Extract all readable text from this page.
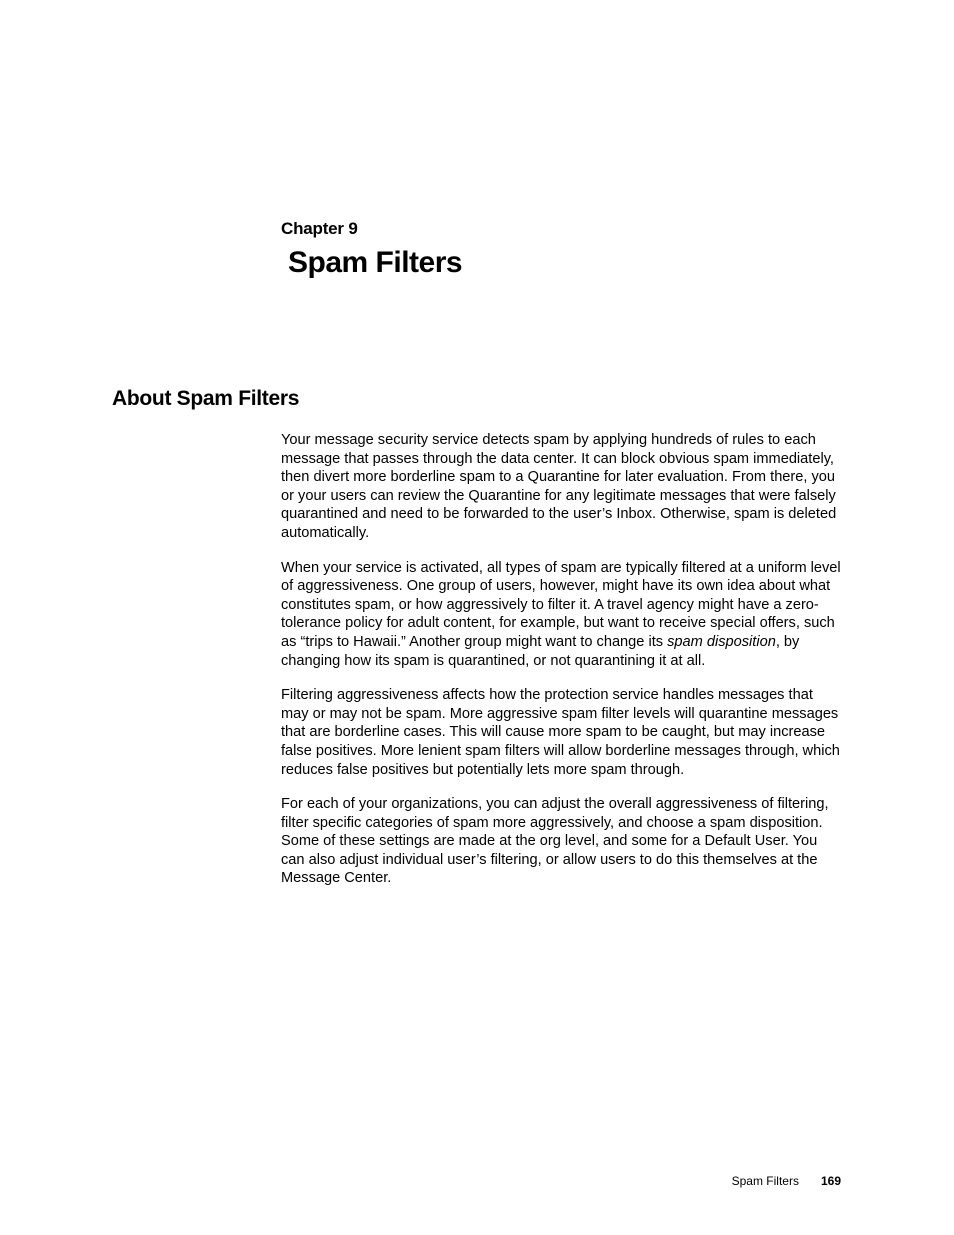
Chapter 9
Spam Filters
About Spam Filters

Your message security service detects spam by applying hundreds of rules to each message that passes through the data center. It can block obvious spam immediately, then divert more borderline spam to a Quarantine for later evaluation. From there, you or your users can review the Quarantine for any legitimate messages that were falsely quarantined and need to be forwarded to the user’s Inbox. Otherwise, spam is deleted automatically.

When your service is activated, all types of spam are typically filtered at a uniform level of aggressiveness. One group of users, however, might have its own idea about what constitutes spam, or how aggressively to filter it. A travel agency might have a zero-tolerance policy for adult content, for example, but want to receive special offers, such as “trips to Hawaii.” Another group might want to change its spam disposition, by changing how its spam is quarantined, or not quarantining it at all.

Filtering aggressiveness affects how the protection service handles messages that may or may not be spam. More aggressive spam filter levels will quarantine messages that are borderline cases. This will cause more spam to be caught, but may increase false positives. More lenient spam filters will allow borderline messages through, which reduces false positives but potentially lets more spam through.

For each of your organizations, you can adjust the overall aggressiveness of filtering, filter specific categories of spam more aggressively, and choose a spam disposition. Some of these settings are made at the org level, and some for a Default User. You can also adjust individual user’s filtering, or allow users to do this themselves at the Message Center.

Spam Filters 169
